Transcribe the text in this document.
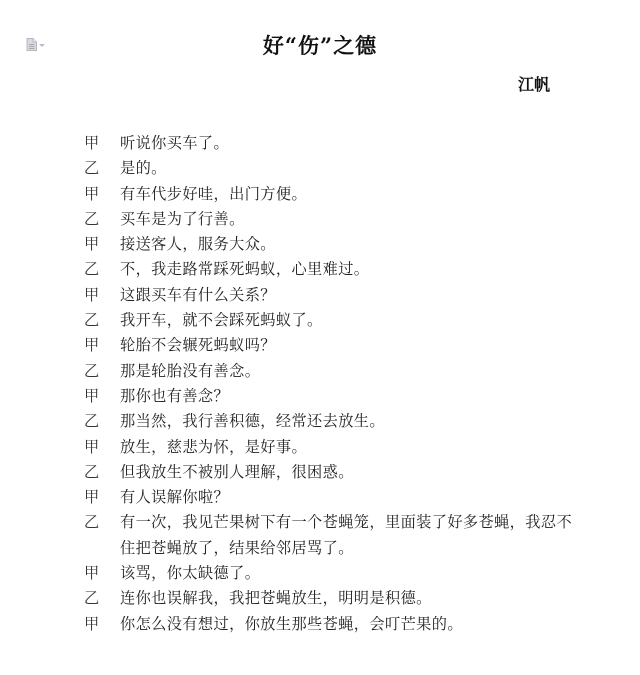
好“伤”之德

江帆

甲	听说你买车了。
乙	是的。
甲	有车代步好哇，出门方便。
乙	买车是为了行善。
甲	接送客人，服务大众。
乙	不，我走路常踩死蚂蚁，心里难过。
甲	这跟买车有什么关系？
乙	我开车，就不会踩死蚂蚁了。
甲	轮胎不会辗死蚂蚁吗？
乙	那是轮胎没有善念。
甲	那你也有善念？
乙	那当然，我行善积德，经常还去放生。
甲	放生，慈悲为怀，是好事。
乙	但我放生不被别人理解，很困惑。
甲	有人误解你啦？
乙	有一次，我见芒果树下有一个苍蝇笼，里面装了好多苍蝇，我忍不住把苍蝇放了，结果给邻居骂了。
甲	该骂，你太缺德了。
乙	连你也误解我，我把苍蝇放生，明明是积德。
甲	你怎么没有想过，你放生那些苍蝇，会叮芒果的。
